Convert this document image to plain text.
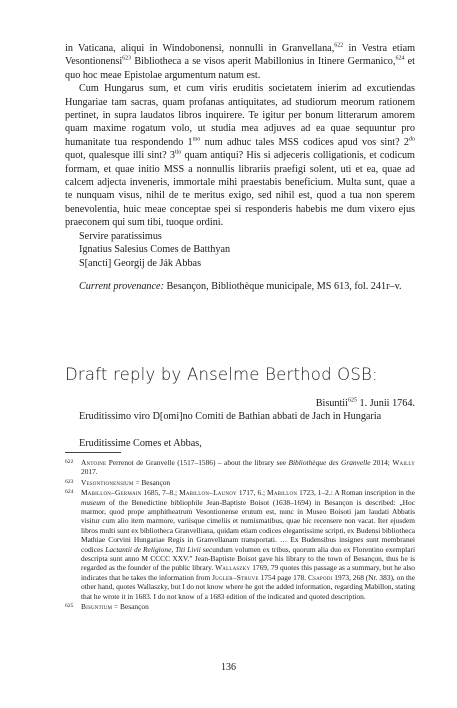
in Vaticana, aliqui in Windobonensi, nonnulli in Granvellana,$^{622}$ in Vestra etiam Vesontionensi$^{623}$ Bibliotheca a se visos aperit Mabillonius in Itinere Germanico,$^{624}$ et quo hoc meae Epistolae argumentum natum est.

Cum Hungarus sum, et cum viris eruditis societatem inierim ad excutiendas Hungariae tam sacras, quam profanas antiquitates, ad studiorum meorum rationem pertinet, in supra laudatos libros inquirere. Te igitur per bonum litterarum amorem quam maxime rogatum volo, ut studia mea adjuves ad ea quae sequuntur pro humanitate tua respondendo $1^{mo}$ num adhuc tales MSS codices apud vos sint? $2^{do}$ quot, qualesque illi sint? $3^{tio}$ quam antiqui? His si adjeceris colligationis, et codicum formam, et quae initio MSS a nonnullis librariis praefigi solent, uti et ea, quae ad calcem adjecta inveneris, immortale mihi praestabis beneficium. Multa sunt, quae a te nunquam visus, nihil de te meritus exigo, sed nihil est, quod a tua non sperem benevolentia, huic meae conceptae spei si responderis habebis me dum vixero ejus praeconem qui sum tibi, tuoque ordini.

Servire paratissimus

Ignatius Salesius Comes de Batthyan

S[ancti] Georgij de Ják Abbas

Current provenance: Besançon, Bibliothèque municipale, MS 613, fol. 241r–v.

Draft reply by Anselme Berthod OSB:

Bisuntii$^{625}$ 1. Junii 1764.

Eruditissimo viro D[omi]no Comiti de Bathian abbati de Jach in Hungaria

Eruditissime Comes et Abbas,

622 Antoine Perrenot de Granvelle (1517–1586) – about the library see Bibliothèque des Granvelle 2014; Wailly 2017.

623 Vesontionensium = Besançon

624 Mabillon–Germain 1685, 7–8.; Mabillon–Launoy 1717, 6.; Mabillon 1723, 1–2.: A Roman inscription in the museum of the Benedictine bibliophile Jean-Baptiste Boisot (1638–1694) in Besançon is described: „Hoc marmor, quod prope amphitheatrum Vesontionense erutum est, nunc in Museo Boisoti jam laudati Abbatis visitur cum alio item marmore, variisque cimeliis et numismatibus, quae hic recensere non vacat. Iter ejusdem libros multi sunt ex bibliotheca Granvelliana, quidam etiam codices elegantissime scripti, ex Budensi bibliotheca Mathiae Corvini Hungariae Regis in Granvellanam transportati. … Ex Budensibus insignes sunt membranei codices Lactantii de Religione, Titi Livii secundum volumen ex tribus, quorum alia duo ex Florentino exemplari descripta sunt anno M CCCC XXV.” Jean-Baptiste Boisot gave his library to the town of Besançon, thus he is regarded as the founder of the public library. Wallaszky 1769, 79 quotes this passage as a summary, but he also indicates that he takes the information from Jugler–Struve 1754 page 178. Csapodi 1973, 268 (Nr. 383), on the other hand, quotes Wallaszky, but I do not know where he got the added information, regarding Mabillon, stating that he wrote it in 1683. I do not know of a 1683 edition of the indicated and quoted description.

625 Bisuntium = Besançon

136
